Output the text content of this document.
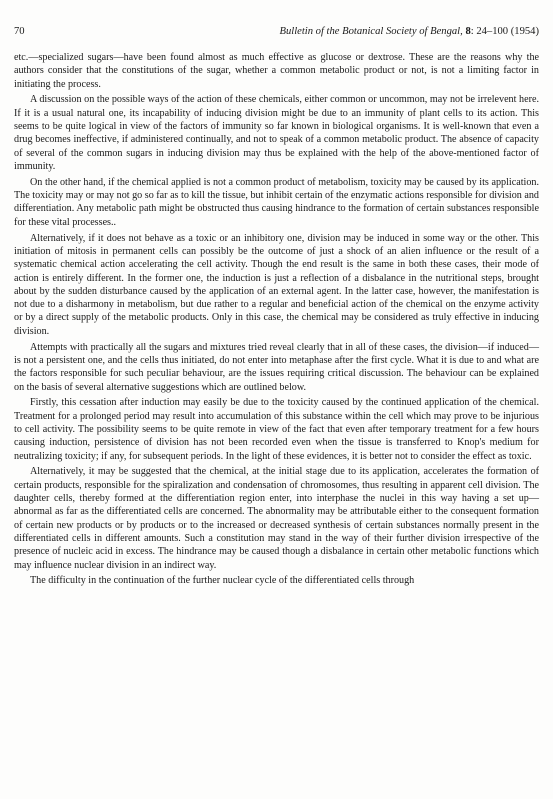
70	Bulletin of the Botanical Society of Bengal, 8: 24–100 (1954)

etc.—specialized sugars—have been found almost as much effective as glucose or dextrose. These are the reasons why the authors consider that the constitutions of the sugar, whether a common metabolic product or not, is not a limiting factor in initiating the process.

A discussion on the possible ways of the action of these chemicals, either common or uncommon, may not be irrelevent here. If it is a usual natural one, its incapability of inducing division might be due to an immunity of plant cells to its action. This seems to be quite logical in view of the factors of immunity so far known in biological organisms. It is well-known that even a drug becomes ineffective, if administered continually, and not to speak of a common metabolic product. The absence of capacity of several of the common sugars in inducing division may thus be explained with the help of the above-mentioned factor of immunity.

On the other hand, if the chemical applied is not a common product of metabolism, toxicity may be caused by its application. The toxicity may or may not go so far as to kill the tissue, but inhibit certain of the enzymatic actions responsible for division and differentiation. Any metabolic path might be obstructed thus causing hindrance to the formation of certain substances responsible for these vital processes..

Alternatively, if it does not behave as a toxic or an inhibitory one, division may be induced in some way or the other. This initiation of mitosis in permanent cells can possibly be the outcome of just a shock of an alien influence or the result of a systematic chemical action accelerating the cell activity. Though the end result is the same in both these cases, their mode of action is entirely different. In the former one, the induction is just a reflection of a disbalance in the nutritional steps, brought about by the sudden disturbance caused by the application of an external agent. In the latter case, however, the manifestation is not due to a disharmony in metabolism, but due rather to a regular and beneficial action of the chemical on the enzyme activity or by a direct supply of the metabolic products. Only in this case, the chemical may be considered as truly effective in inducing division.

Attempts with practically all the sugars and mixtures tried reveal clearly that in all of these cases, the division—if induced—is not a persistent one, and the cells thus initiated, do not enter into metaphase after the first cycle. What it is due to and what are the factors responsible for such peculiar behaviour, are the issues requiring critical discussion. The behaviour can be explained on the basis of several alternative suggestions which are outlined below.

Firstly, this cessation after induction may easily be due to the toxicity caused by the continued application of the chemical. Treatment for a prolonged period may result into accumulation of this substance within the cell which may prove to be injurious to cell activity. The possibility seems to be quite remote in view of the fact that even after temporary treatment for a few hours causing induction, persistence of division has not been recorded even when the tissue is transferred to Knop's medium for neutralizing toxicity; if any, for subsequent periods. In the light of these evidences, it is better not to consider the effect as toxic.

Alternatively, it may be suggested that the chemical, at the initial stage due to its application, accelerates the formation of certain products, responsible for the spiralization and condensation of chromosomes, thus resulting in apparent cell division. The daughter cells, thereby formed at the differentiation region enter, into interphase the nuclei in this way having a set up—abnormal as far as the differentiated cells are concerned. The abnormality may be attributable either to the consequent formation of certain new products or by products or to the increased or decreased synthesis of certain substances normally present in the differentiated cells in different amounts. Such a constitution may stand in the way of their further division irrespective of the presence of nucleic acid in excess. The hindrance may be caused though a disbalance in certain other metabolic functions which may influence nuclear division in an indirect way.

The difficulty in the continuation of the further nuclear cycle of the differentiated cells through
